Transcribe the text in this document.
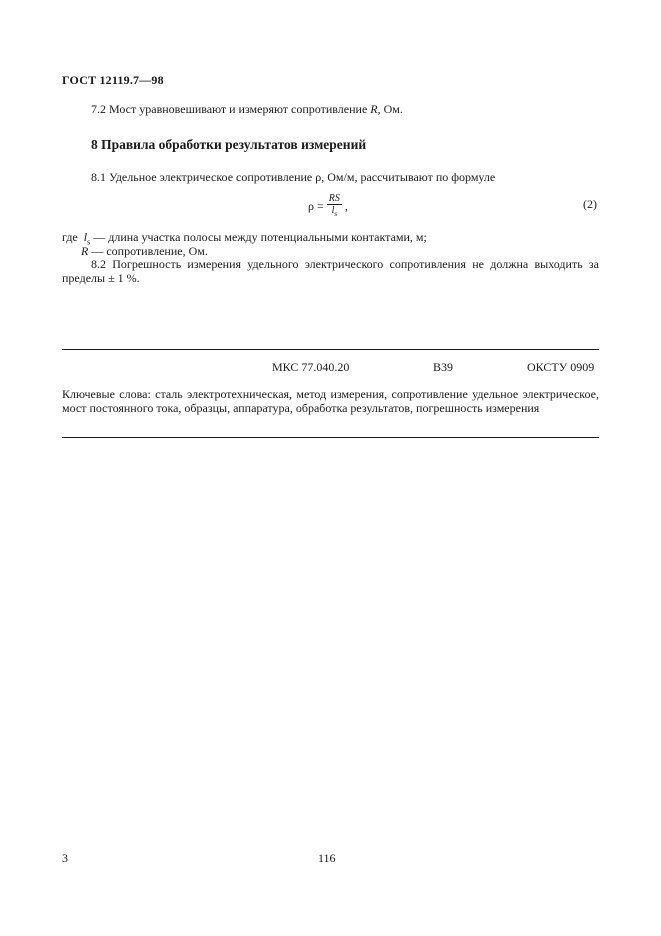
ГОСТ 12119.7—98
7.2 Мост уравновешивают и измеряют сопротивление R, Ом.
8 Правила обработки результатов измерений
8.1 Удельное электрическое сопротивление ρ, Ом/м, рассчитывают по формуле
$\rho = \frac{RS}{l_s}$ ,	(2)
где $l_s$ — длина участка полосы между потенциальными контактами, м;
R — сопротивление, Ом.
8.2 Погрешность измерения удельного электрического сопротивления не должна выходить за пределы ± 1 %.
МКС 77.040.20	В39	ОКСТУ 0909
Ключевые слова: сталь электротехническая, метод измерения, сопротивление удельное электрическое, мост постоянного тока, образцы, аппаратура, обработка результатов, погрешность измерения
3	116
